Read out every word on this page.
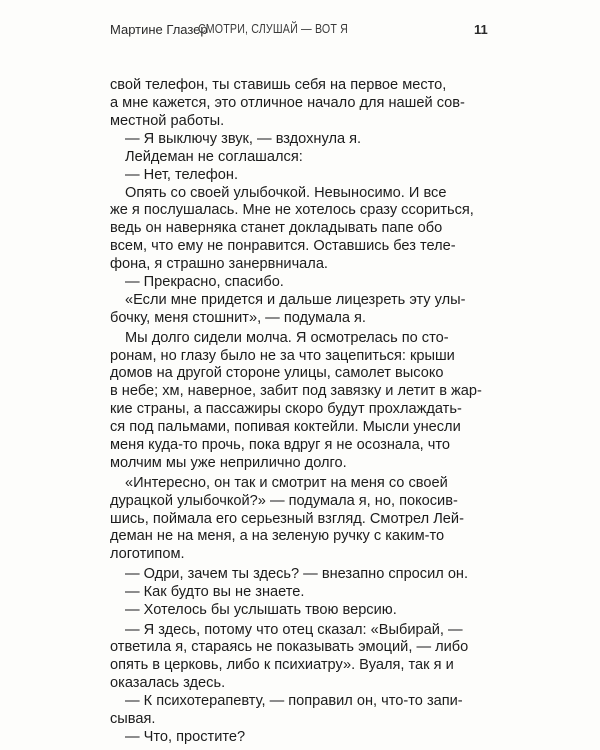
Мартине Глазер
СМОТРИ, СЛУШАЙ — ВОТ Я	11
свой телефон, ты ставишь себя на первое место,
а мне кажется, это отличное начало для нашей сов-
местной работы.
— Я выключу звук, — вздохнула я.
Лейдеман не соглашался:
— Нет, телефон.
Опять со своей улыбочкой. Невыносимо. И все
же я послушалась. Мне не хотелось сразу ссориться,
ведь он наверняка станет докладывать папе обо
всем, что ему не понравится. Оставшись без теле-
фона, я страшно занервничала.
— Прекрасно, спасибо.
«Если мне придется и дальше лицезреть эту улы-
бочку, меня стошнит», — подумала я.
Мы долго сидели молча. Я осмотрелась по сто-
ронам, но глазу было не за что зацепиться: крыши
домов на другой стороне улицы, самолет высоко
в небе; хм, наверное, забит под завязку и летит в жар-
кие страны, а пассажиры скоро будут прохлаждать-
ся под пальмами, попивая коктейли. Мысли унесли
меня куда-то прочь, пока вдруг я не осознала, что
молчим мы уже неприлично долго.
«Интересно, он так и смотрит на меня со своей
дурацкой улыбочкой?» — подумала я, но, покосив-
шись, поймала его серьезный взгляд. Смотрел Лей-
деман не на меня, а на зеленую ручку с каким-то
логотипом.
— Одри, зачем ты здесь? — внезапно спросил он.
— Как будто вы не знаете.
— Хотелось бы услышать твою версию.
— Я здесь, потому что отец сказал: «Выбирай, —
ответила я, стараясь не показывать эмоций, — либо
опять в церковь, либо к психиатру». Вуаля, так я и
оказалась здесь.
— К психотерапевту, — поправил он, что-то запи-
сывая.
— Что, простите?
